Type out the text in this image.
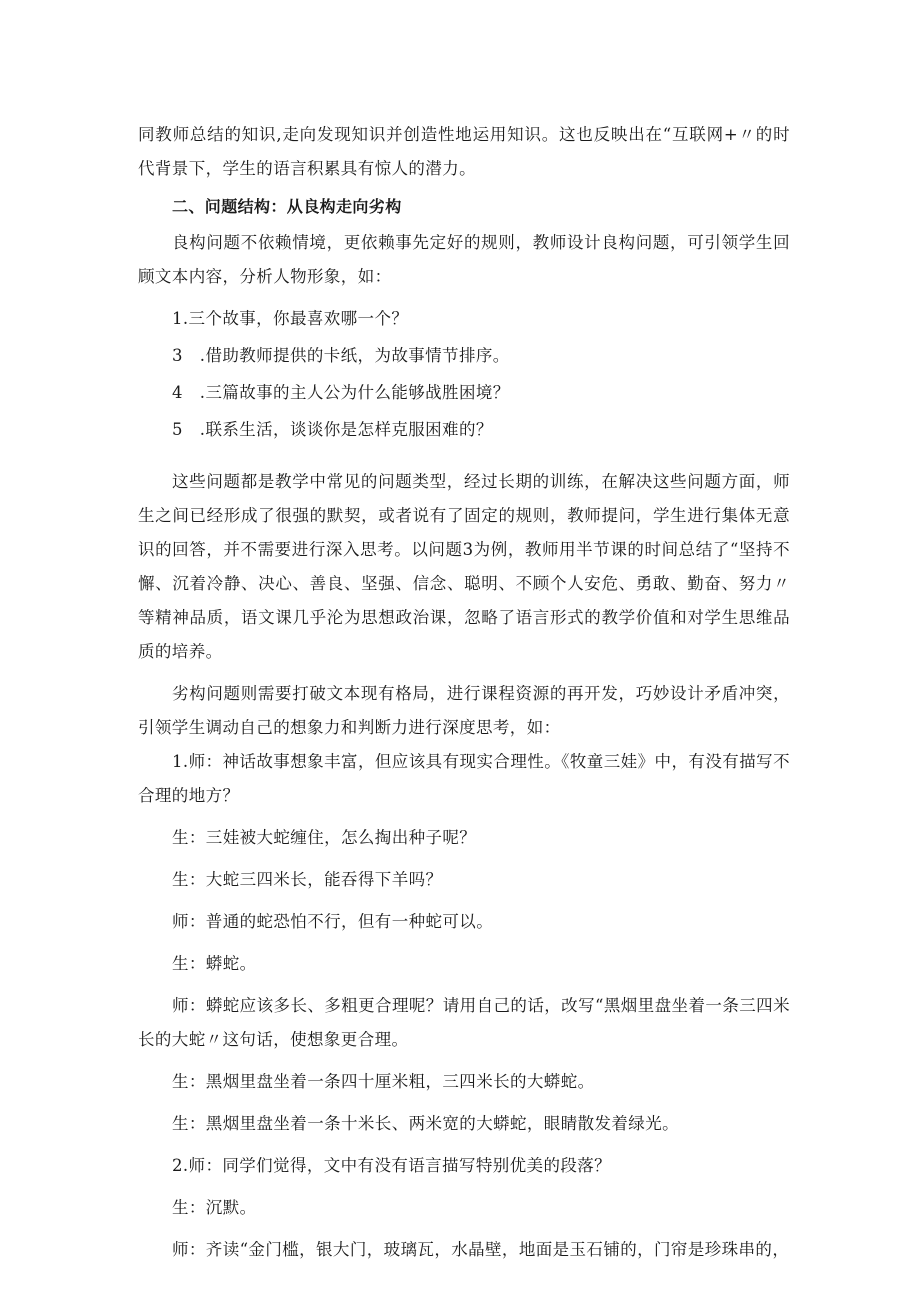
同教师总结的知识,走向发现知识并创造性地运用知识。这也反映出在“互联网+〃的时代背景下，学生的语言积累具有惊人的潜力。

二、问题结构：从良构走向劣构

良构问题不依赖情境，更依赖事先定好的规则，教师设计良构问题，可引领学生回顾文本内容，分析人物形象，如：

1.三个故事，你最喜欢哪一个？

3　.借助教师提供的卡纸，为故事情节排序。

4　.三篇故事的主人公为什么能够战胜困境？

5　.联系生活，谈谈你是怎样克服困难的？

这些问题都是教学中常见的问题类型，经过长期的训练，在解决这些问题方面，师生之间已经形成了很强的默契，或者说有了固定的规则，教师提问，学生进行集体无意识的回答，并不需要进行深入思考。以问题3为例，教师用半节课的时间总结了“坚持不懈、沉着冷静、决心、善良、坚强、信念、聪明、不顾个人安危、勇敢、勤奋、努力〃等精神品质，语文课几乎沦为思想政治课，忽略了语言形式的教学价值和对学生思维品质的培养。

劣构问题则需要打破文本现有格局，进行课程资源的再开发，巧妙设计矛盾冲突，引领学生调动自己的想象力和判断力进行深度思考，如：

1.师：神话故事想象丰富，但应该具有现实合理性。《牧童三娃》中，有没有描写不合理的地方？

生：三娃被大蛇缠住，怎么掏出种子呢？

生：大蛇三四米长，能吞得下羊吗？

师：普通的蛇恐怕不行，但有一种蛇可以。

生：蟒蛇。

师：蟒蛇应该多长、多粗更合理呢？请用自己的话，改写“黑烟里盘坐着一条三四米长的大蛇〃这句话，使想象更合理。

生：黑烟里盘坐着一条四十厘米粗，三四米长的大蟒蛇。

生：黑烟里盘坐着一条十米长、两米宽的大蟒蛇，眼睛散发着绿光。

2.师：同学们觉得，文中有没有语言描写特别优美的段落？

生：沉默。

师：齐读“金门槛，银大门，玻璃瓦，水晶壁，地面是玉石铺的，门帘是珍珠串的，
